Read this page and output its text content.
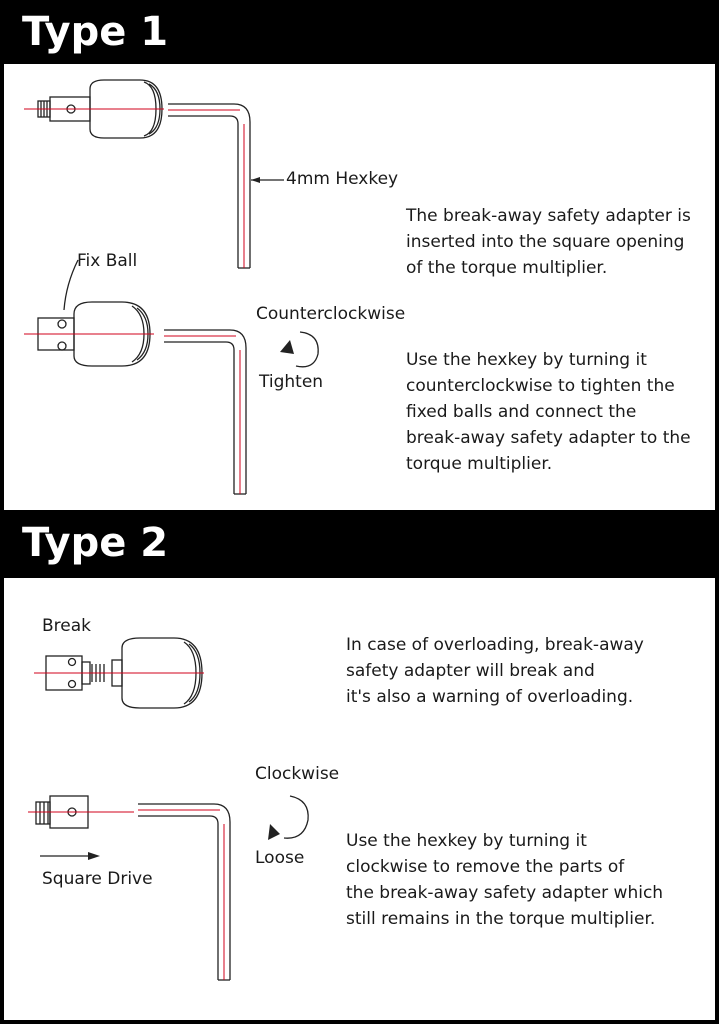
Type 1
4mm Hexkey
Fix Ball
Counterclockwise
Tighten
The break-away safety adapter is
inserted into the square opening
of the torque multiplier.
Use the hexkey by turning it
counterclockwise to tighten the
fixed balls and connect the
break-away safety adapter to the
torque multiplier.
Type 2
Break
Clockwise
Loose
Square Drive
In case of overloading, break-away
safety adapter will break and
it's also a warning of overloading.
Use the hexkey by turning it
clockwise to remove the parts of
the break-away safety adapter which
still remains in the torque multiplier.
